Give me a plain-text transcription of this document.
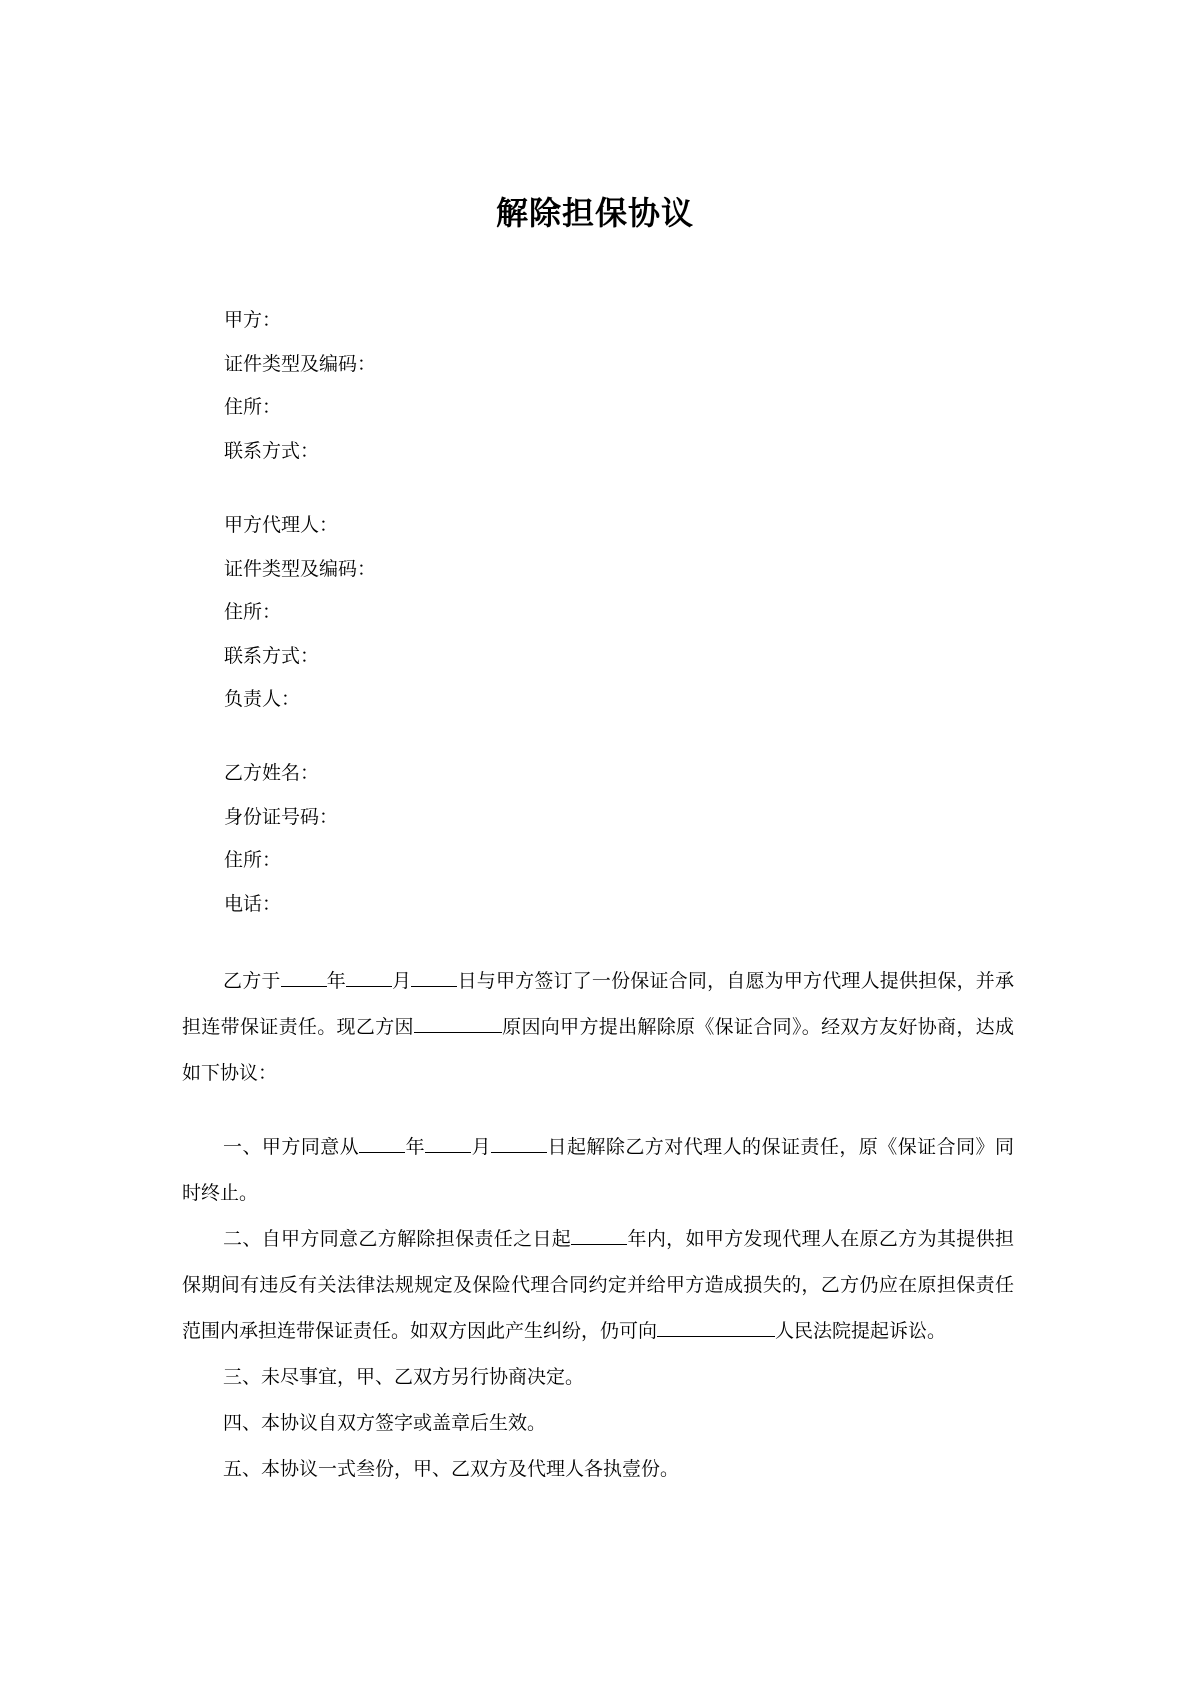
解除担保协议
甲方：
证件类型及编码：
住所：
联系方式：
甲方代理人：
证件类型及编码：
住所：
联系方式：
负责人：
乙方姓名：
身份证号码：
住所：
电话：

乙方于 年 月 日与甲方签订了一份保证合同，自愿为甲方代理人提供担保，并承担连带保证责任。现乙方因	原因向甲方提出解除原《保证合同》。经双方友好协商，达成如下协议：

一、甲方同意从 年 月	日起解除乙方对代理人的保证责任，原《保证合同》同时终止。

二、自甲方同意乙方解除担保责任之日起	年内，如甲方发现代理人在原乙方为其提供担保期间有违反有关法律法规规定及保险代理合同约定并给甲方造成损失的，乙方仍应在原担保责任范围内承担连带保证责任。如双方因此产生纠纷，仍可向	人民法院提起诉讼。

三、未尽事宜，甲、乙双方另行协商决定。

四、本协议自双方签字或盖章后生效。

五、本协议一式叁份，甲、乙双方及代理人各执壹份。
